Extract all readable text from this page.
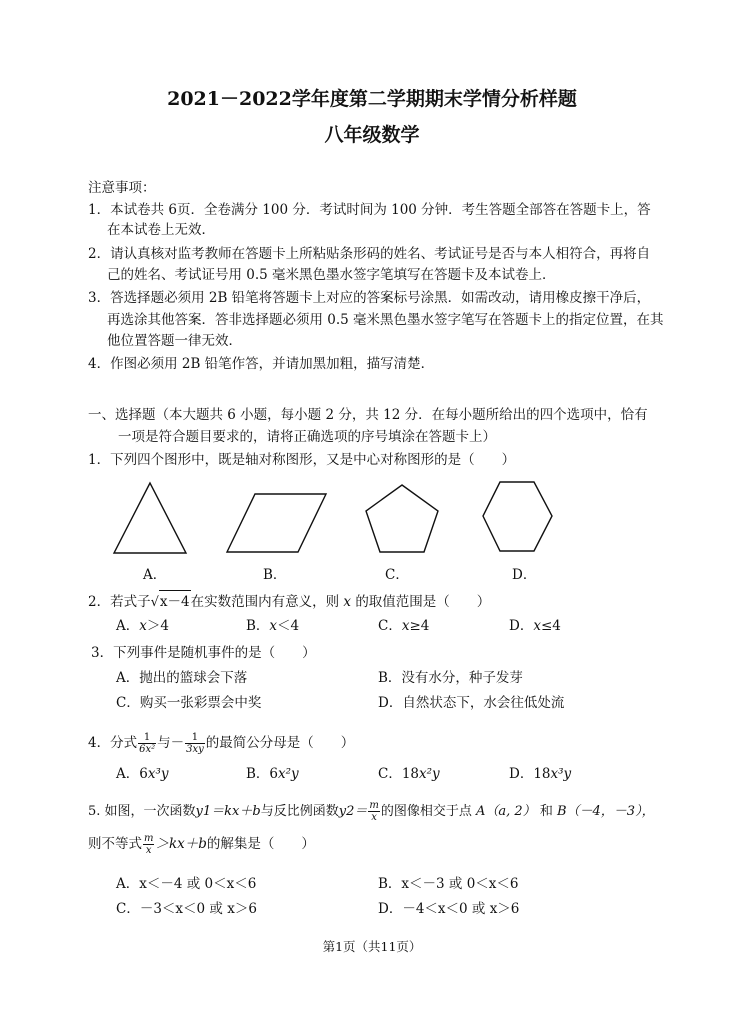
2021－2022学年度第二学期期末学情分析样题
八年级数学
注意事项：
1．本试卷共 6页．全卷满分 100 分．考试时间为 100 分钟．考生答题全部答在答题卡上，答
在本试卷上无效．
2．请认真核对监考教师在答题卡上所粘贴条形码的姓名、考试证号是否与本人相符合，再将自
己的姓名、考试证号用 0.5 毫米黑色墨水签字笔填写在答题卡及本试卷上．
3．答选择题必须用 2B 铅笔将答题卡上对应的答案标号涂黑．如需改动，请用橡皮擦干净后，
再选涂其他答案．答非选择题必须用 0.5 毫米黑色墨水签字笔写在答题卡上的指定位置，在其
他位置答题一律无效．
4．作图必须用 2B 铅笔作答，并请加黑加粗，描写清楚．
一、选择题（本大题共 6 小题，每小题 2 分，共 12 分．在每小题所给出的四个选项中，恰有
一项是符合题目要求的，请将正确选项的序号填涂在答题卡上）
1．下列四个图形中，既是轴对称图形，又是中心对称图形的是（　　）
A．	B．	C．	D．
2．若式子√x－4在实数范围内有意义，则 x 的取值范围是（　　）
A．x＞4	B．x＜4	C．x≥4	D．x≤4
3．下列事件是随机事件的是（　　）
A．抛出的篮球会下落	B．没有水分，种子发芽
C．购买一张彩票会中奖	D．自然状态下，水会往低处流
4．分式 $\frac{1}{\text{6x²}}$ 与－ $\frac{1}{3xy}$ 的最简公分母是（　　）
A．6x³y	B．6x²y	C．18x²y	D．18x³y
5. 如图，一次函数y1＝kx＋b与反比例函数$y2= \frac{m}{x}$ 的图像相交于点 A（a, 2） 和 B（－4，－3），
则不等式 $\frac{m}{x} >kx+b$的解集是（　　）
A．x＜－4 或 0＜x＜6	B．x＜－3 或 0＜x＜6
C．－3＜x＜0 或 x＞6	D．－4＜x＜0 或 x＞6
第1页（共11页）
